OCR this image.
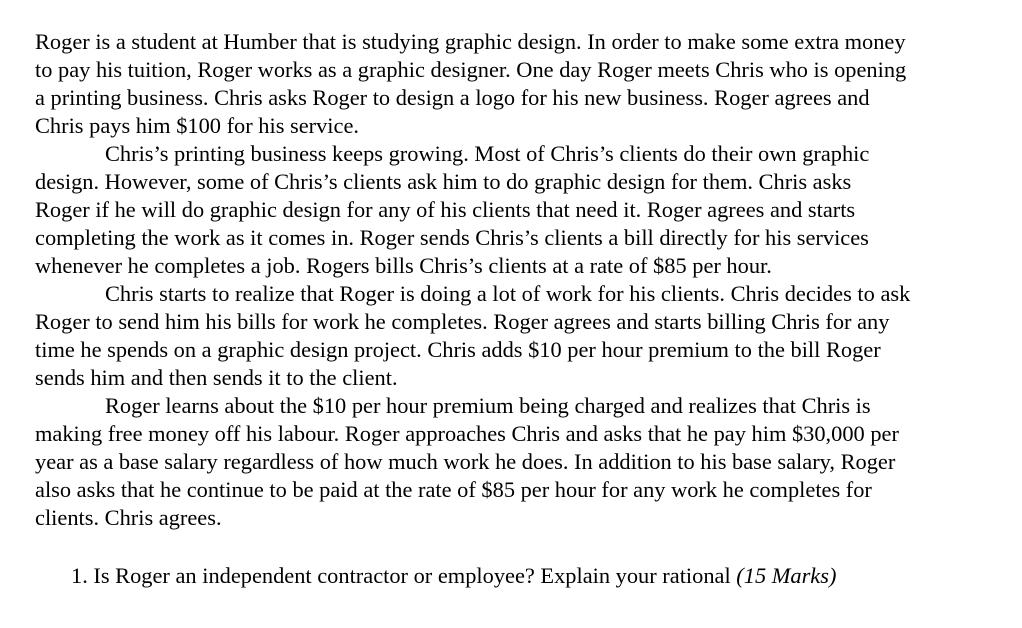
Roger is a student at Humber that is studying graphic design. In order to make some extra money
to pay his tuition, Roger works as a graphic designer. One day Roger meets Chris who is opening
a printing business. Chris asks Roger to design a logo for his new business. Roger agrees and
Chris pays him $100 for his service.

Chris’s printing business keeps growing. Most of Chris’s clients do their own graphic
design. However, some of Chris’s clients ask him to do graphic design for them. Chris asks
Roger if he will do graphic design for any of his clients that need it. Roger agrees and starts
completing the work as it comes in. Roger sends Chris’s clients a bill directly for his services
whenever he completes a job. Rogers bills Chris’s clients at a rate of $85 per hour.

Chris starts to realize that Roger is doing a lot of work for his clients. Chris decides to ask
Roger to send him his bills for work he completes. Roger agrees and starts billing Chris for any
time he spends on a graphic design project. Chris adds $10 per hour premium to the bill Roger
sends him and then sends it to the client.

Roger learns about the $10 per hour premium being charged and realizes that Chris is
making free money off his labour. Roger approaches Chris and asks that he pay him $30,000 per
year as a base salary regardless of how much work he does. In addition to his base salary, Roger
also asks that he continue to be paid at the rate of $85 per hour for any work he completes for
clients. Chris agrees.

1. Is Roger an independent contractor or employee? Explain your rational (15 Marks)
